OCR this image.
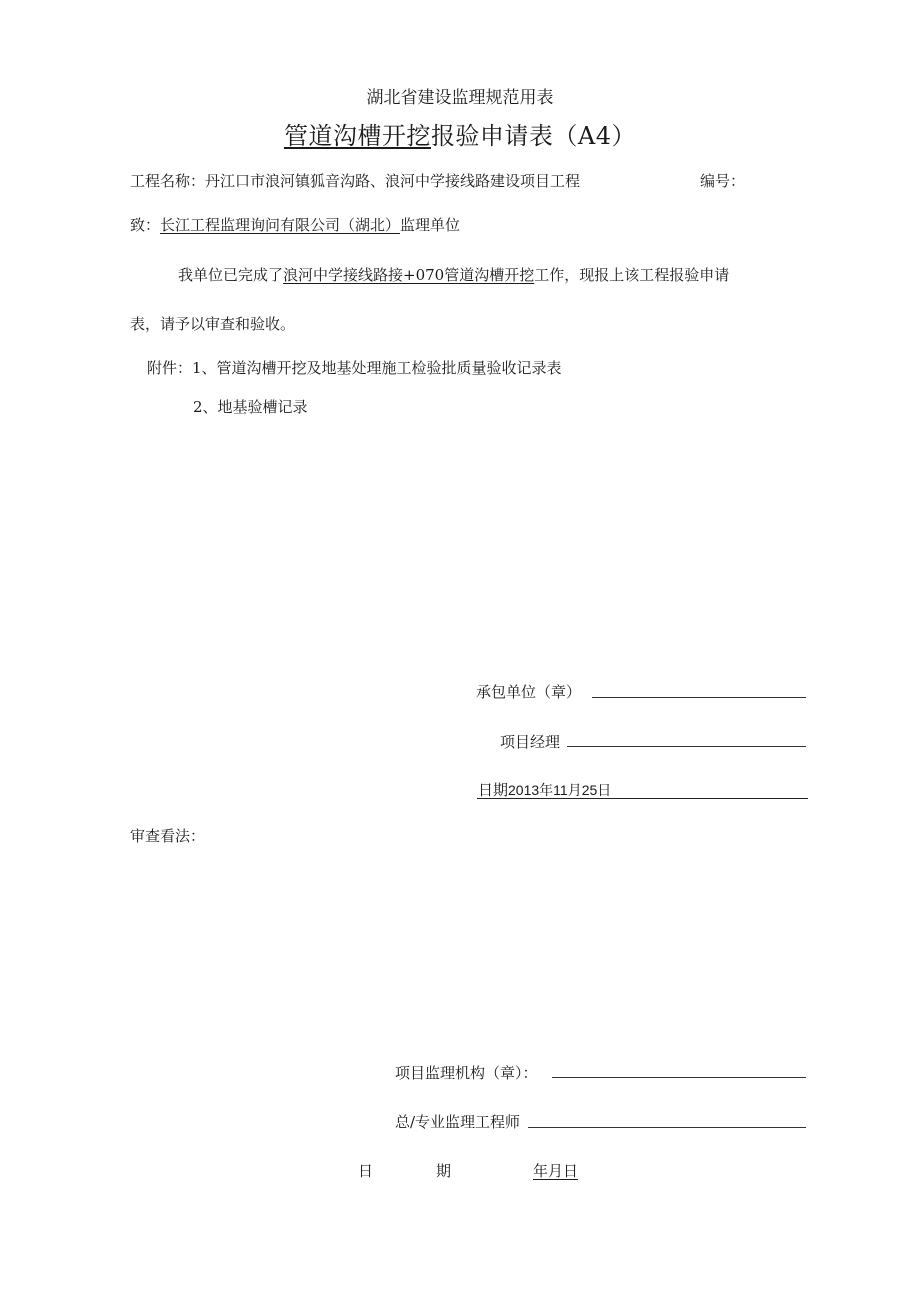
湖北省建设监理规范用表
管道沟槽开挖报验申请表（A4）
工程名称：丹江口市浪河镇狐音沟路、浪河中学接线路建设项目工程	编号：
致：长江工程监理询问有限公司（湖北）监理单位
我单位已完成了浪河中学接线路接+070管道沟槽开挖工作，现报上该工程报验申请
表，请予以审查和验收。
附件：1、管道沟槽开挖及地基处理施工检验批质量验收记录表
2、地基验槽记录
承包单位（章）
项目经理
日期2013年11月25日
审查看法：
项目监理机构（章）：
总/专业监理工程师
日	期	年月日
